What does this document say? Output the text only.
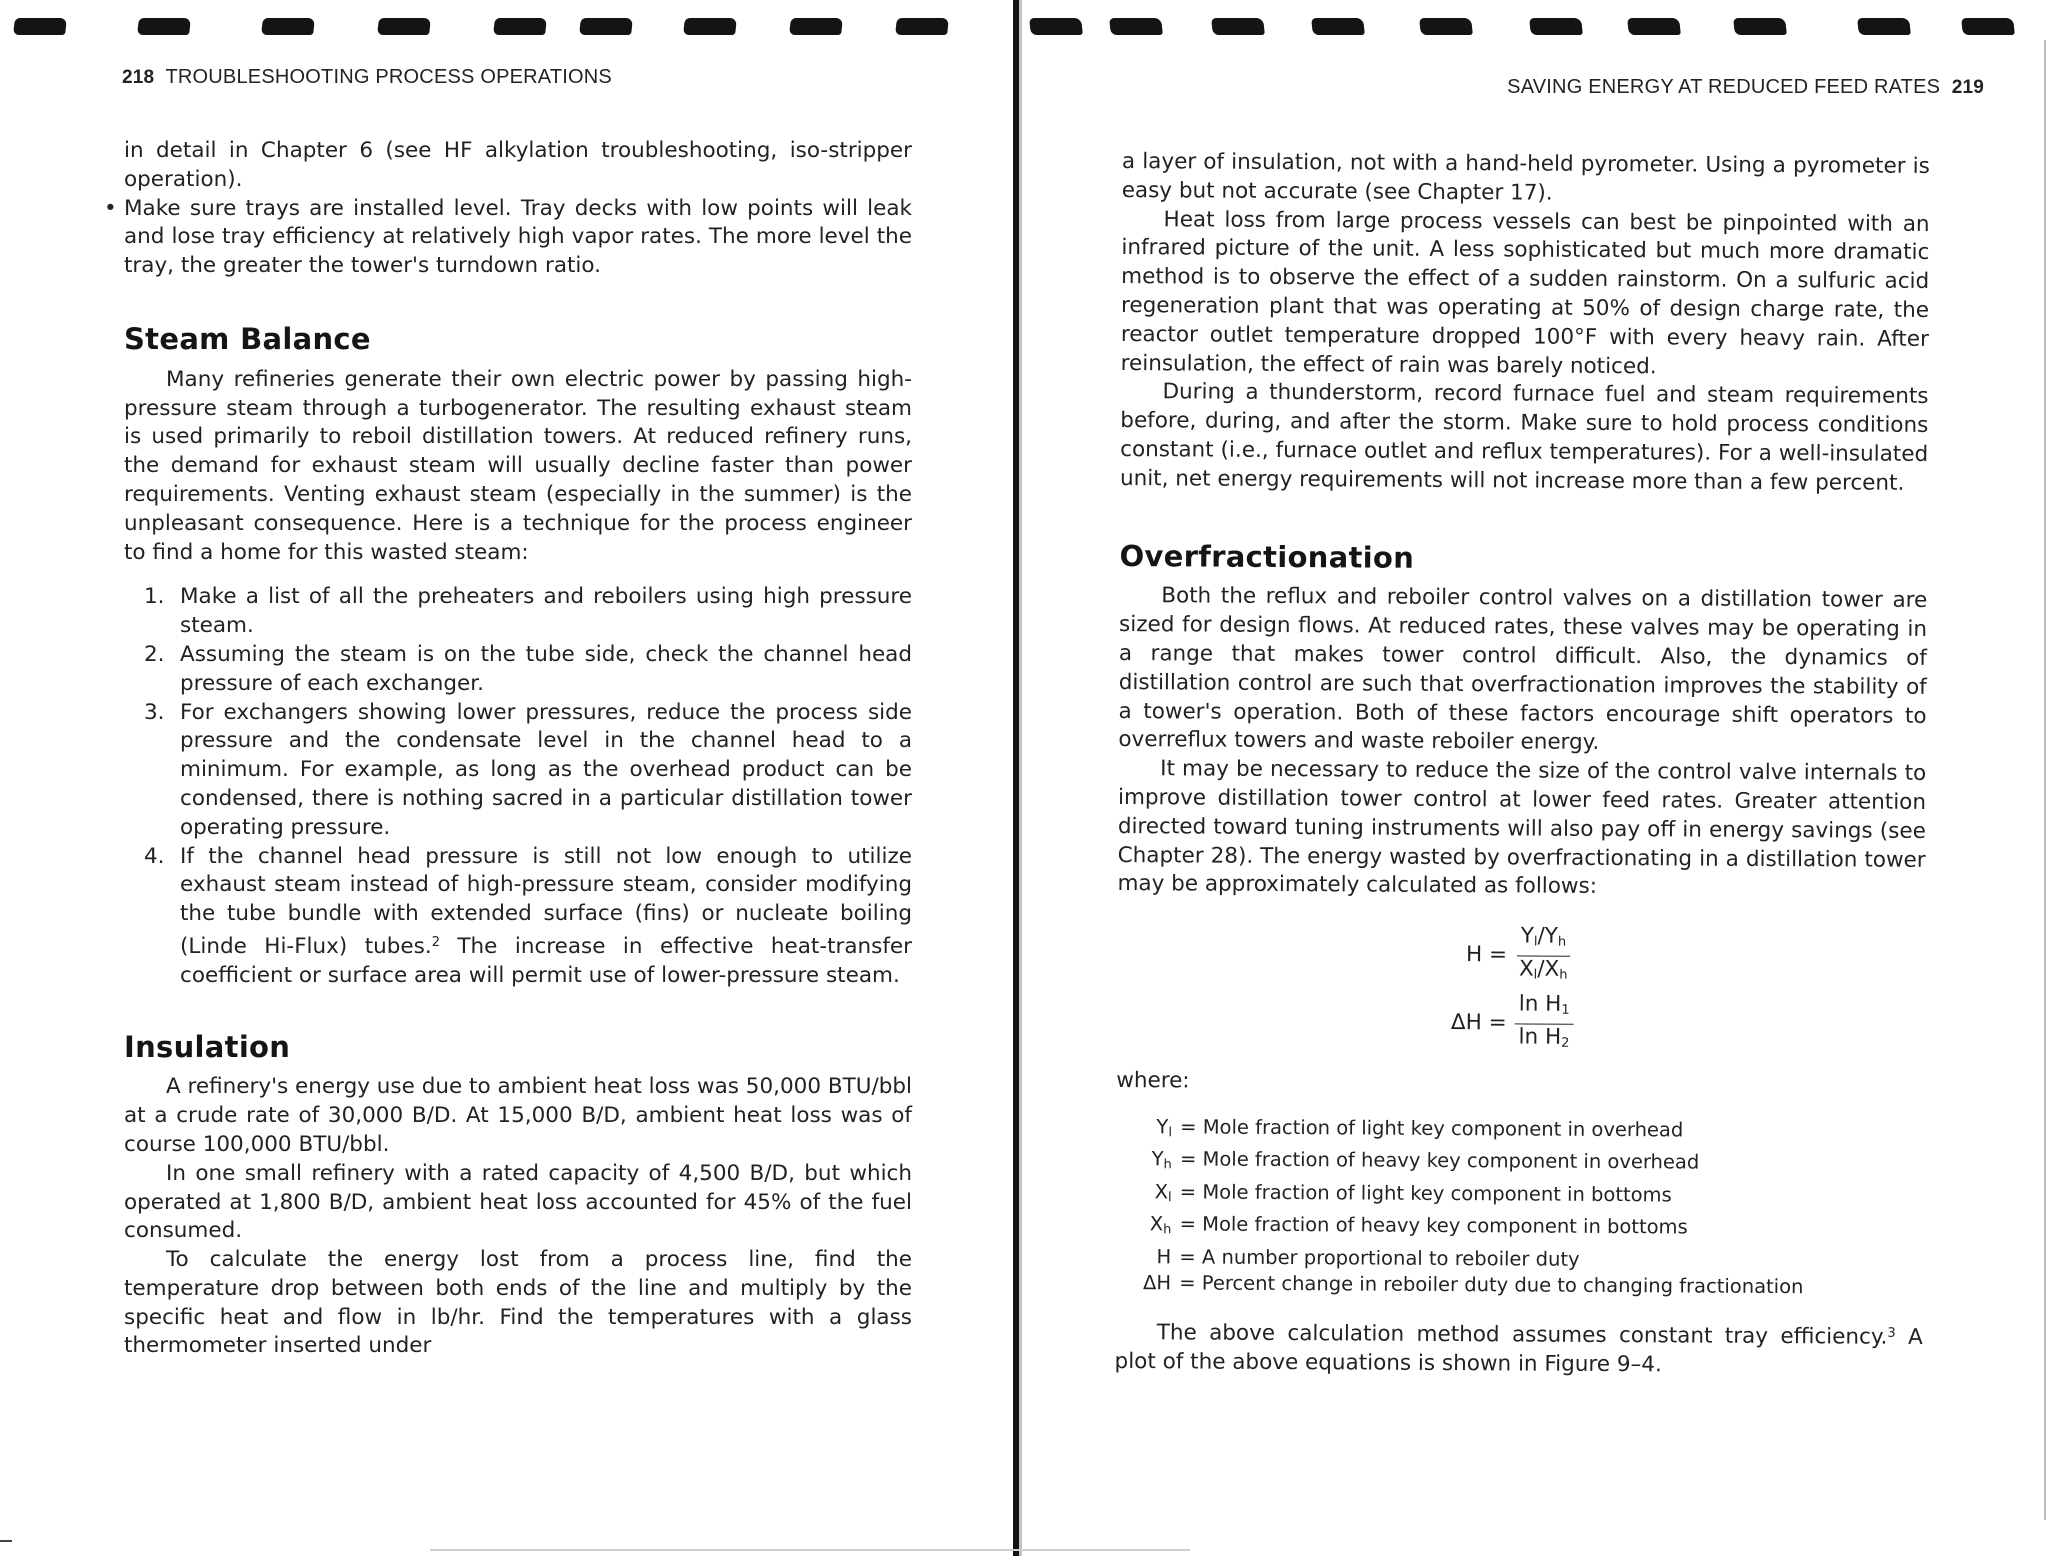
218 TROUBLESHOOTING PROCESS OPERATIONS

in detail in Chapter 6 (see HF alkylation troubleshooting, iso-stripper operation).

• Make sure trays are installed level. Tray decks with low points will leak and lose tray efficiency at relatively high vapor rates. The more level the tray, the greater the tower's turndown ratio.
Steam Balance

Many refineries generate their own electric power by passing high-pressure steam through a turbogenerator. The resulting exhaust steam is used primarily to reboil distillation towers. At reduced refinery runs, the demand for exhaust steam will usually decline faster than power requirements. Venting exhaust steam (especially in the summer) is the unpleasant consequence. Here is a technique for the process engineer to find a home for this wasted steam:

1. Make a list of all the preheaters and reboilers using high pressure steam.
2. Assuming the steam is on the tube side, check the channel head pressure of each exchanger.
3. For exchangers showing lower pressures, reduce the process side pressure and the condensate level in the channel head to a minimum. For example, as long as the overhead product can be condensed, there is nothing sacred in a particular distillation tower operating pressure.
4. If the channel head pressure is still not low enough to utilize exhaust steam instead of high-pressure steam, consider modifying the tube bundle with extended surface (fins) or nucleate boiling (Linde Hi-Flux) tubes.$^2$ The increase in effective heat-transfer coefficient or surface area will permit use of lower-pressure steam.
Insulation

A refinery's energy use due to ambient heat loss was 50,000 BTU/bbl at a crude rate of 30,000 B/D. At 15,000 B/D, ambient heat loss was of course 100,000 BTU/bbl.

In one small refinery with a rated capacity of 4,500 B/D, but which operated at 1,800 B/D, ambient heat loss accounted for 45% of the fuel consumed.

To calculate the energy lost from a process line, find the temperature drop between both ends of the line and multiply by the specific heat and flow in lb/hr. Find the temperatures with a glass thermometer inserted under

SAVING ENERGY AT REDUCED FEED RATES 219

a layer of insulation, not with a hand-held pyrometer. Using a pyrometer is easy but not accurate (see Chapter 17).

Heat loss from large process vessels can best be pinpointed with an infrared picture of the unit. A less sophisticated but much more dramatic method is to observe the effect of a sudden rainstorm. On a sulfuric acid regeneration plant that was operating at 50% of design charge rate, the reactor outlet temperature dropped 100°F with every heavy rain. After reinsulation, the effect of rain was barely noticed.

During a thunderstorm, record furnace fuel and steam requirements before, during, and after the storm. Make sure to hold process conditions constant (i.e., furnace outlet and reflux temperatures). For a well-insulated unit, net energy requirements will not increase more than a few percent.

Overfractionation

Both the reflux and reboiler control valves on a distillation tower are sized for design flows. At reduced rates, these valves may be operating in a range that makes tower control difficult. Also, the dynamics of distillation control are such that overfractionation improves the stability of a tower's operation. Both of these factors encourage shift operators to overreflux towers and waste reboiler energy.

It may be necessary to reduce the size of the control valve internals to improve distillation tower control at lower feed rates. Greater attention directed toward tuning instruments will also pay off in energy savings (see Chapter 28). The energy wasted by overfractionating in a distillation tower may be approximately calculated as follows:

$H = \frac{Y_l/Y_h}{X_l/X_h}$
$\Delta H = \frac{\ln H_1}{\ln H_2}$

where:

$Y_l$
=
Mole fraction of light key component in overhead
$Y_h$
=
Mole fraction of heavy key component in overhead
$X_l$
=
Mole fraction of light key component in bottoms
$X_h$
=
Mole fraction of heavy key component in bottoms
H
=
A number proportional to reboiler duty
ΔH
=
Percent change in reboiler duty due to changing fractionation

The above calculation method assumes constant tray efficiency.$^3$ A plot of the above equations is shown in Figure 9–4.
